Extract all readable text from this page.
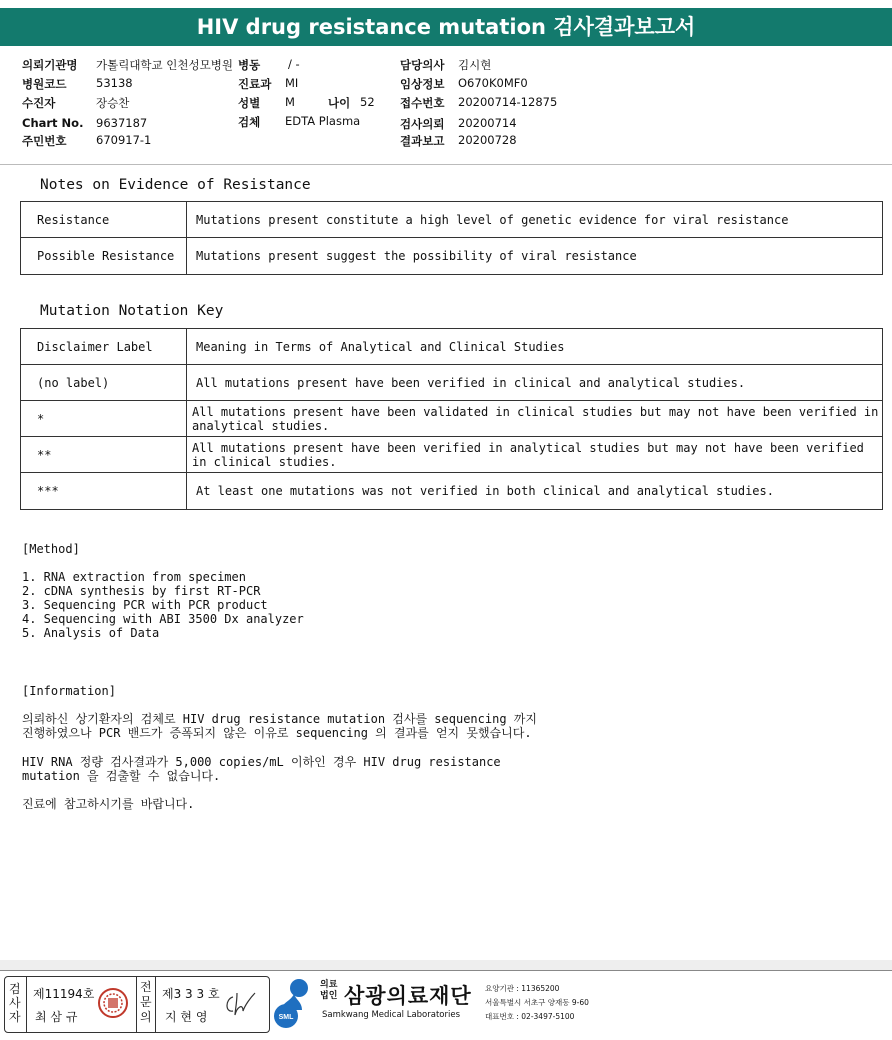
HIV drug resistance mutation 검사결과보고서
의뢰기관명 가톨릭대학교 인천성모병원 병동 / -	담당의사 김시현
병원코드	53138	진료과 MI	임상정보 O670K0MF0
수진자	장승찬	성별 M	나이 52 접수번호 20200714-12875
Chart No. 9637187	검체 EDTA Plasma	검사의뢰 20200714
주민번호	670917-1	결과보고 20200728
Notes on Evidence of Resistance
Resistance	Mutations present constitute a high level of genetic evidence for viral resistance
Possible Resistance	Mutations present suggest the possibility of viral resistance
Mutation Notation Key
Disclaimer Label	Meaning in Terms of Analytical and Clinical Studies
(no label)	All mutations present have been verified in clinical and analytical studies.
*	All mutations present have been validated in clinical studies but may not have been verified in analytical studies.
**	All mutations present have been verified in analytical studies but may not have been verified in clinical studies.
***	At least one mutations was not verified in both clinical and analytical studies.
[Method]
1. RNA extraction from specimen
2. cDNA synthesis by first RT-PCR
3. Sequencing PCR with PCR product
4. Sequencing with ABI 3500 Dx analyzer
5. Analysis of Data
[Information]
의뢰하신 상기환자의 검체로 HIV drug resistance mutation 검사를 sequencing 까지
진행하였으나 PCR 밴드가 증폭되지 않은 이유로 sequencing 의 결과를 얻지 못했습니다.
HIV RNA 정량 검사결과가 5,000 copies/mL 이하인 경우 HIV drug resistance
mutation 을 검출할 수 없습니다.
진료에 참고하시기를 바랍니다.
검사자
제11194호
최 삼 규
전문의
제3 3 3 호
지 현 영	SML
의료
법인 삼광의료재단
Samkwang Medical Laboratories
요양기관 : 11365200
서울특별시 서초구 양재동 9-60
대표번호 : 02-3497-5100
